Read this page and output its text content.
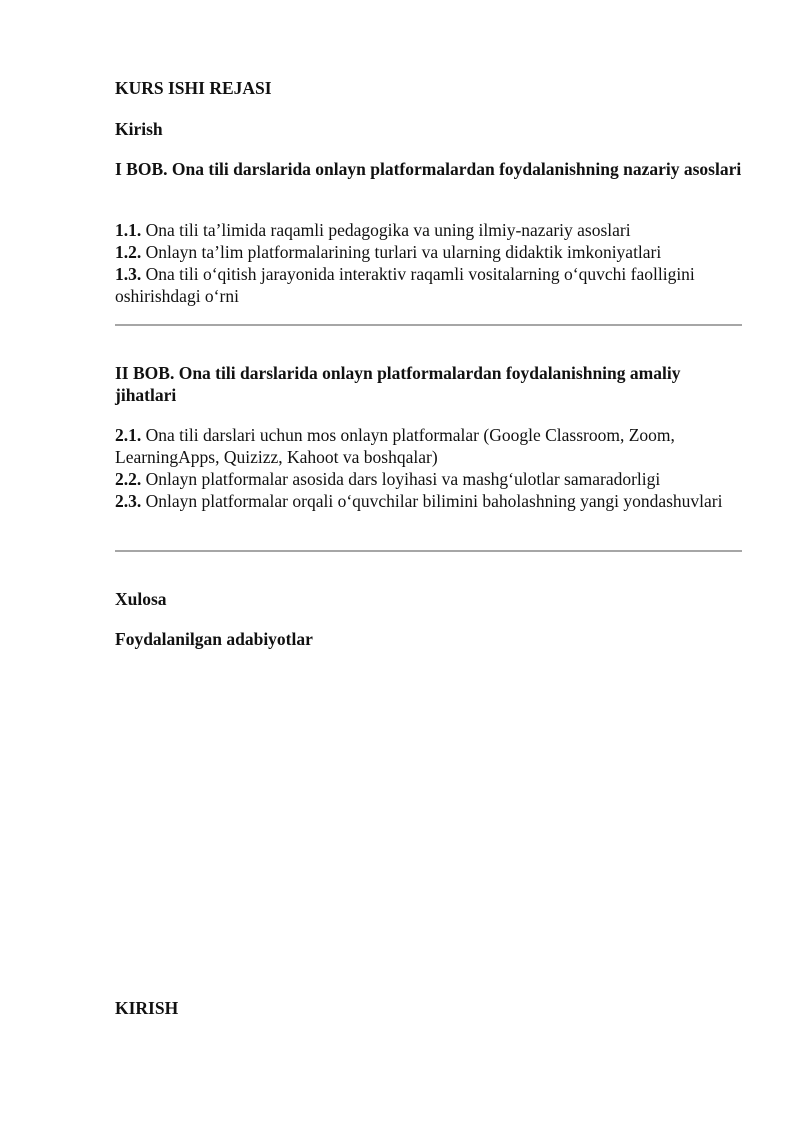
KURS ISHI REJASI

Kirish

I BOB. Ona tili darslarida onlayn platformalardan foydalanishning nazariy asoslari

1.1. Ona tili ta’limida raqamli pedagogika va uning ilmiy-nazariy asoslari
1.2. Onlayn ta’lim platformalarining turlari va ularning didaktik imkoniyatlari
1.3. Ona tili o‘qitish jarayonida interaktiv raqamli vositalarning o‘quvchi faolligini oshirishdagi o‘rni

II BOB. Ona tili darslarida onlayn platformalardan foydalanishning amaliy jihatlari

2.1. Ona tili darslari uchun mos onlayn platformalar (Google Classroom, Zoom, LearningApps, Quizizz, Kahoot va boshqalar)
2.2. Onlayn platformalar asosida dars loyihasi va mashg‘ulotlar samaradorligi
2.3. Onlayn platformalar orqali o‘quvchilar bilimini baholashning yangi yondashuvlari

Xulosa

Foydalanilgan adabiyotlar

KIRISH
